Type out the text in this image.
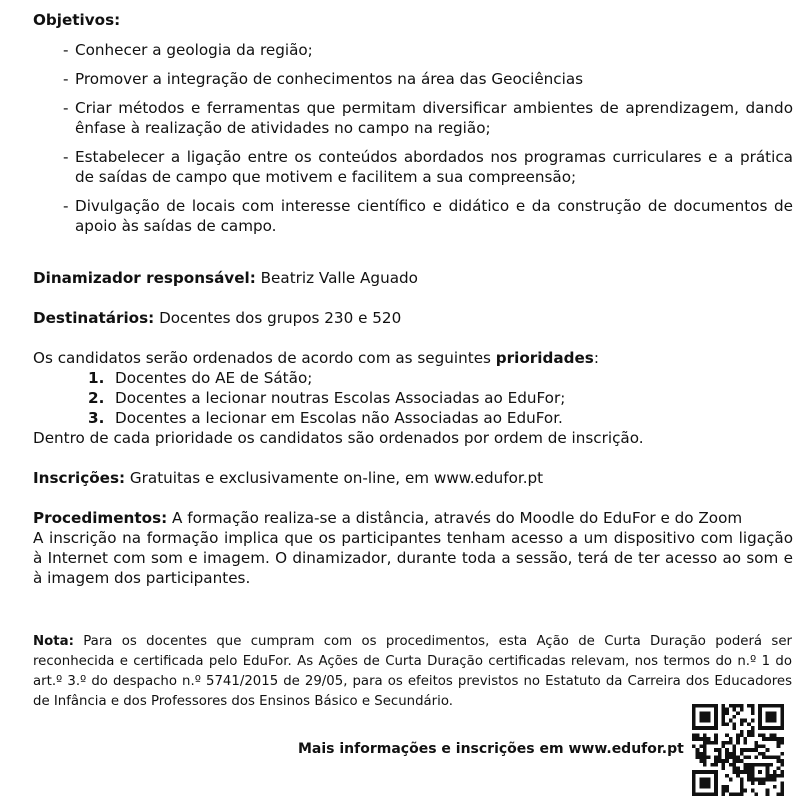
Objetivos:
- Conhecer a geologia da região;
- Promover a integração de conhecimentos na área das Geociências
- Criar métodos e ferramentas que permitam diversificar ambientes de aprendizagem, dando ênfase à realização de atividades no campo na região;
- Estabelecer a ligação entre os conteúdos abordados nos programas curriculares e a prática de saídas de campo que motivem e facilitem a sua compreensão;
- Divulgação de locais com interesse científico e didático e da construção de documentos de apoio às saídas de campo.
Dinamizador responsável: Beatriz Valle Aguado
Destinatários: Docentes dos grupos 230 e 520
Os candidatos serão ordenados de acordo com as seguintes prioridades:
1. Docentes do AE de Sátão;
2. Docentes a lecionar noutras Escolas Associadas ao EduFor;
3. Docentes a lecionar em Escolas não Associadas ao EduFor.
Dentro de cada prioridade os candidatos são ordenados por ordem de inscrição.
Inscrições: Gratuitas e exclusivamente on-line, em www.edufor.pt
Procedimentos: A formação realiza-se a distância, através do Moodle do EduFor e do Zoom
A inscrição na formação implica que os participantes tenham acesso a um dispositivo com ligação à Internet com som e imagem. O dinamizador, durante toda a sessão, terá de ter acesso ao som e à imagem dos participantes.
Nota: Para os docentes que cumpram com os procedimentos, esta Ação de Curta Duração poderá ser reconhecida e certificada pelo EduFor. As Ações de Curta Duração certificadas relevam, nos termos do n.º 1 do art.º 3.º do despacho n.º 5741/2015 de 29/05, para os efeitos previstos no Estatuto da Carreira dos Educadores de Infância e dos Professores dos Ensinos Básico e Secundário.
Mais informações e inscrições em www.edufor.pt
